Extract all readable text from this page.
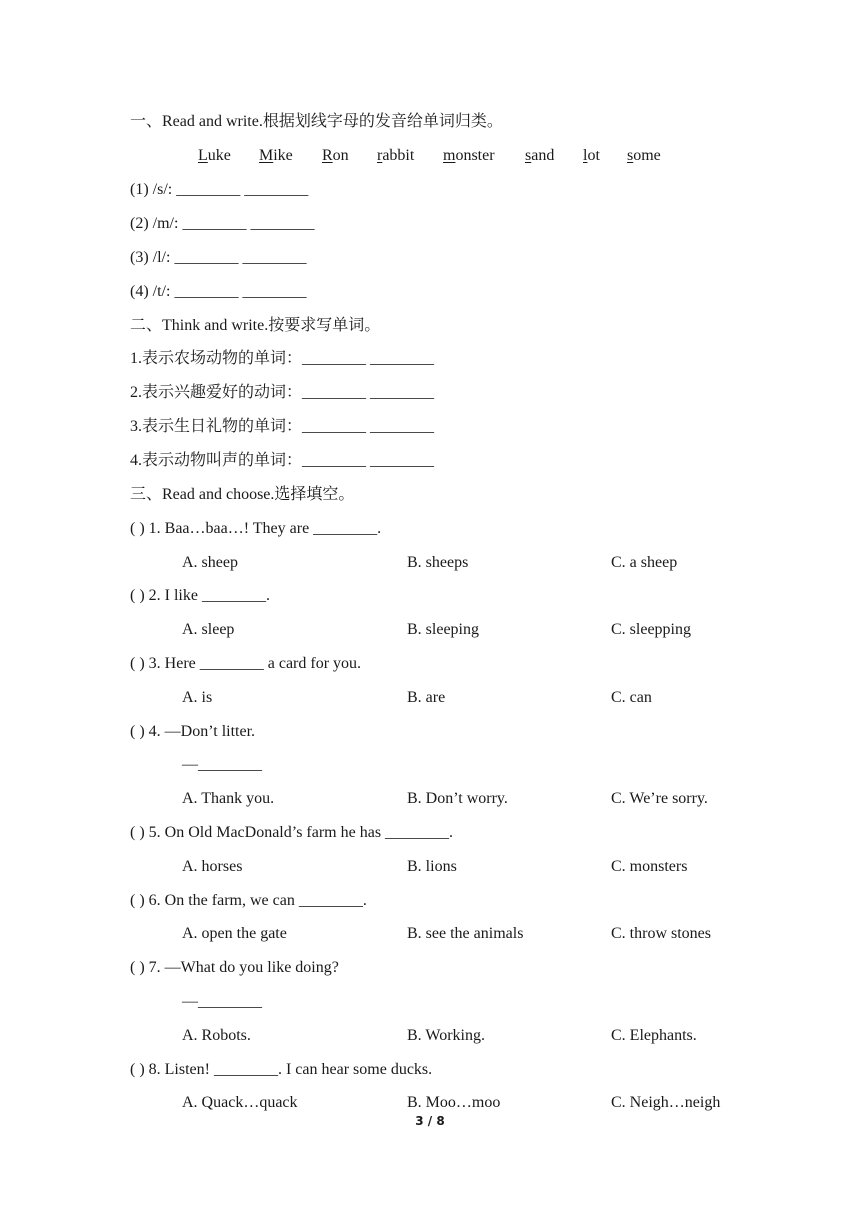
一、Read and write.根据划线字母的发音给单词归类。
Luke Mike Ron rabbit monster sand lot some
(1) /s/: ________ ________
(2) /m/: ________ ________
(3) /l/: ________ ________
(4) /t/: ________ ________
二、Think and write.按要求写单词。
1.表示农场动物的单词：________ ________
2.表示兴趣爱好的动词：________ ________
3.表示生日礼物的单词：________ ________
4.表示动物叫声的单词：________ ________
三、Read and choose.选择填空。
( ) 1. Baa…baa…! They are ________.
A. sheep	B. sheeps	C. a sheep
( ) 2. I like ________.
A. sleep	B. sleeping	C. sleepping
( ) 3. Here ________ a card for you.
A. is	B. are	C. can
( ) 4. —Don’t litter.
—________
A. Thank you.	B. Don’t worry.	C. We’re sorry.
( ) 5. On Old MacDonald’s farm he has ________.
A. horses	B. lions	C. monsters
( ) 6. On the farm, we can ________.
A. open the gate	B. see the animals	C. throw stones
( ) 7. —What do you like doing?
—________
A. Robots.	B. Working.	C. Elephants.
( ) 8. Listen! ________. I can hear some ducks.
A. Quack…quack	B. Moo…moo	C. Neigh…neigh
3 / 8
